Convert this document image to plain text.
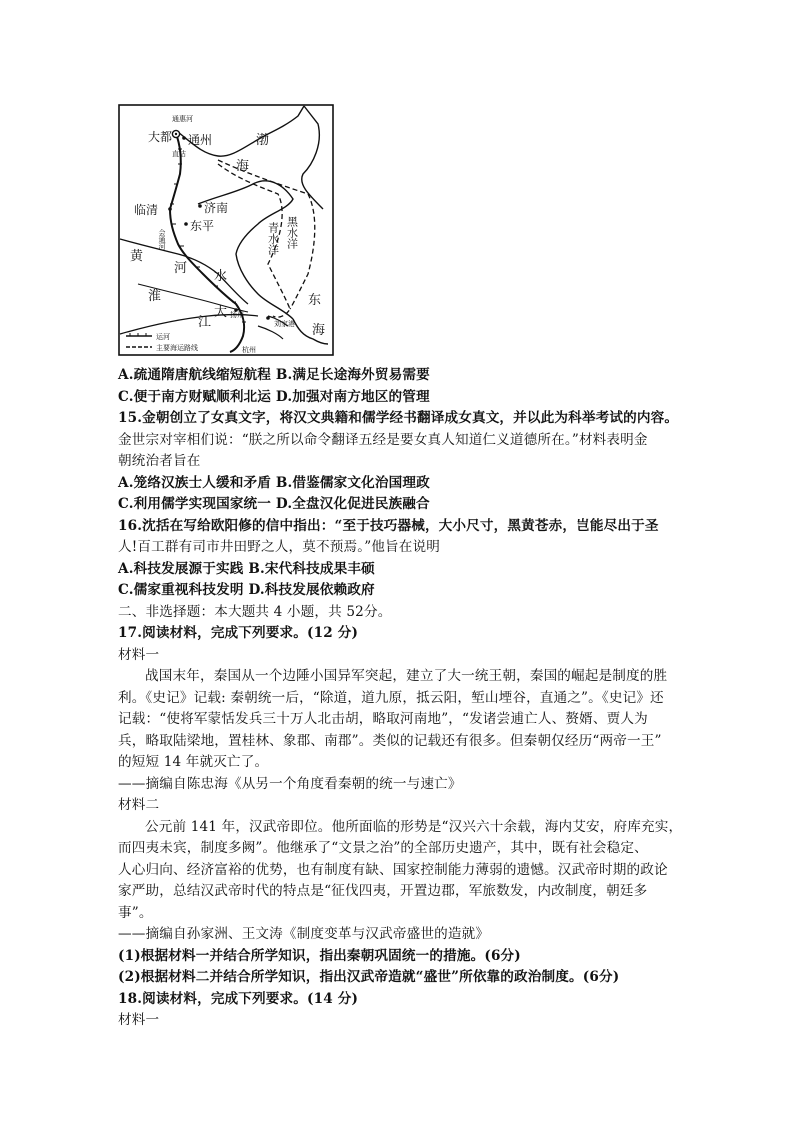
通惠河
大都 通州
直沽
渤
海
临清
会通河
济南
东平	青水洋 黑水洋
黄
河
水
淮	东
江
大 扬州
刘家港 海
杭州
运河
主要海运路线
A.疏通隋唐航线缩短航程 B.满足长途海外贸易需要
C.便于南方财赋顺利北运 D.加强对南方地区的管理
15.金朝创立了女真文字，将汉文典籍和儒学经书翻译成女真文，并以此为科举考试的内容。
金世宗对宰相们说：“朕之所以命令翻译五经是要女真人知道仁义道德所在。”材料表明金
朝统治者旨在
A.笼络汉族士人缓和矛盾 B.借鉴儒家文化治国理政
C.利用儒学实现国家统一 D.全盘汉化促进民族融合
16.沈括在写给欧阳修的信中指出：“至于技巧器械，大小尺寸，黑黄苍赤，岂能尽出于圣
人!百工群有司市井田野之人，莫不预焉。”他旨在说明
A.科技发展源于实践 B.宋代科技成果丰硕
C.儒家重视科技发明 D.科技发展依赖政府
二、非选择题：本大题共 4 小题，共 52分。
17.阅读材料，完成下列要求。(12 分)
材料一
战国末年，秦国从一个边陲小国异军突起，建立了大一统王朝，秦国的崛起是制度的胜
利。《史记》记载: 秦朝统一后，“除道，道九原，抵云阳，堑山堙谷，直通之”。《史记》还
记载：“使将军蒙恬发兵三十万人北击胡，略取河南地”，“发诸尝逋亡人、赘婿、贾人为
兵，略取陆梁地，置桂林、象郡、南郡”。类似的记载还有很多。但秦朝仅经历“两帝一王”
的短短 14 年就灭亡了。
——摘编自陈忠海《从另一个角度看秦朝的统一与速亡》
材料二
公元前 141 年，汉武帝即位。他所面临的形势是“汉兴六十余载，海内艾安，府库充实，
而四夷未宾，制度多阙”。他继承了“文景之治”的全部历史遗产，其中，既有社会稳定、
人心归向、经济富裕的优势，也有制度有缺、国家控制能力薄弱的遗憾。汉武帝时期的政论
家严助，总结汉武帝时代的特点是“征伐四夷，开置边郡，军旅数发，内改制度，朝廷多
事”。
——摘编自孙家洲、王文涛《制度变革与汉武帝盛世的造就》
(1)根据材料一并结合所学知识，指出秦朝巩固统一的措施。(6分)
(2)根据材料二并结合所学知识，指出汉武帝造就“盛世”所依靠的政治制度。(6分)
18.阅读材料，完成下列要求。(14 分)
材料一
